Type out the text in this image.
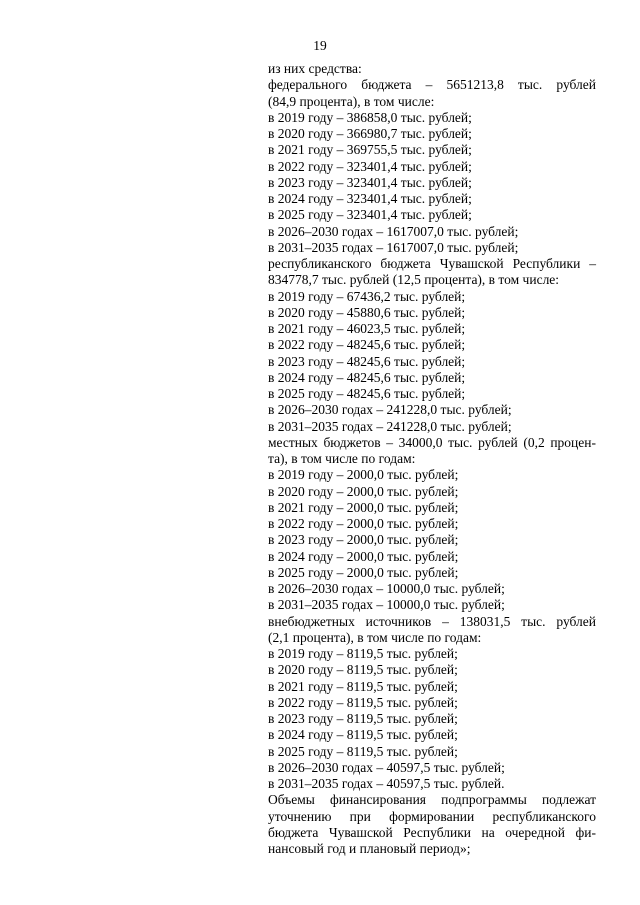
19
из них средства:
федерального бюджета – 5651213,8 тыс. рублей
(84,9 процента), в том числе:
в 2019 году – 386858,0 тыс. рублей;
в 2020 году – 366980,7 тыс. рублей;
в 2021 году – 369755,5 тыс. рублей;
в 2022 году – 323401,4 тыс. рублей;
в 2023 году – 323401,4 тыс. рублей;
в 2024 году – 323401,4 тыс. рублей;
в 2025 году – 323401,4 тыс. рублей;
в 2026–2030 годах – 1617007,0 тыс. рублей;
в 2031–2035 годах – 1617007,0 тыс. рублей;
республиканского бюджета Чувашской Республики –
834778,7 тыс. рублей (12,5 процента), в том числе:
в 2019 году – 67436,2 тыс. рублей;
в 2020 году – 45880,6 тыс. рублей;
в 2021 году – 46023,5 тыс. рублей;
в 2022 году – 48245,6 тыс. рублей;
в 2023 году – 48245,6 тыс. рублей;
в 2024 году – 48245,6 тыс. рублей;
в 2025 году – 48245,6 тыс. рублей;
в 2026–2030 годах – 241228,0 тыс. рублей;
в 2031–2035 годах – 241228,0 тыс. рублей;
местных бюджетов – 34000,0 тыс. рублей (0,2 процен-
та), в том числе по годам:
в 2019 году – 2000,0 тыс. рублей;
в 2020 году – 2000,0 тыс. рублей;
в 2021 году – 2000,0 тыс. рублей;
в 2022 году – 2000,0 тыс. рублей;
в 2023 году – 2000,0 тыс. рублей;
в 2024 году – 2000,0 тыс. рублей;
в 2025 году – 2000,0 тыс. рублей;
в 2026–2030 годах – 10000,0 тыс. рублей;
в 2031–2035 годах – 10000,0 тыс. рублей;
внебюджетных источников – 138031,5 тыс. рублей
(2,1 процента), в том числе по годам:
в 2019 году – 8119,5 тыс. рублей;
в 2020 году – 8119,5 тыс. рублей;
в 2021 году – 8119,5 тыс. рублей;
в 2022 году – 8119,5 тыс. рублей;
в 2023 году – 8119,5 тыс. рублей;
в 2024 году – 8119,5 тыс. рублей;
в 2025 году – 8119,5 тыс. рублей;
в 2026–2030 годах – 40597,5 тыс. рублей;
в 2031–2035 годах – 40597,5 тыс. рублей.
Объемы финансирования подпрограммы подлежат
уточнению при формировании республиканского
бюджета Чувашской Республики на очередной фи-
нансовый год и плановый период»;
